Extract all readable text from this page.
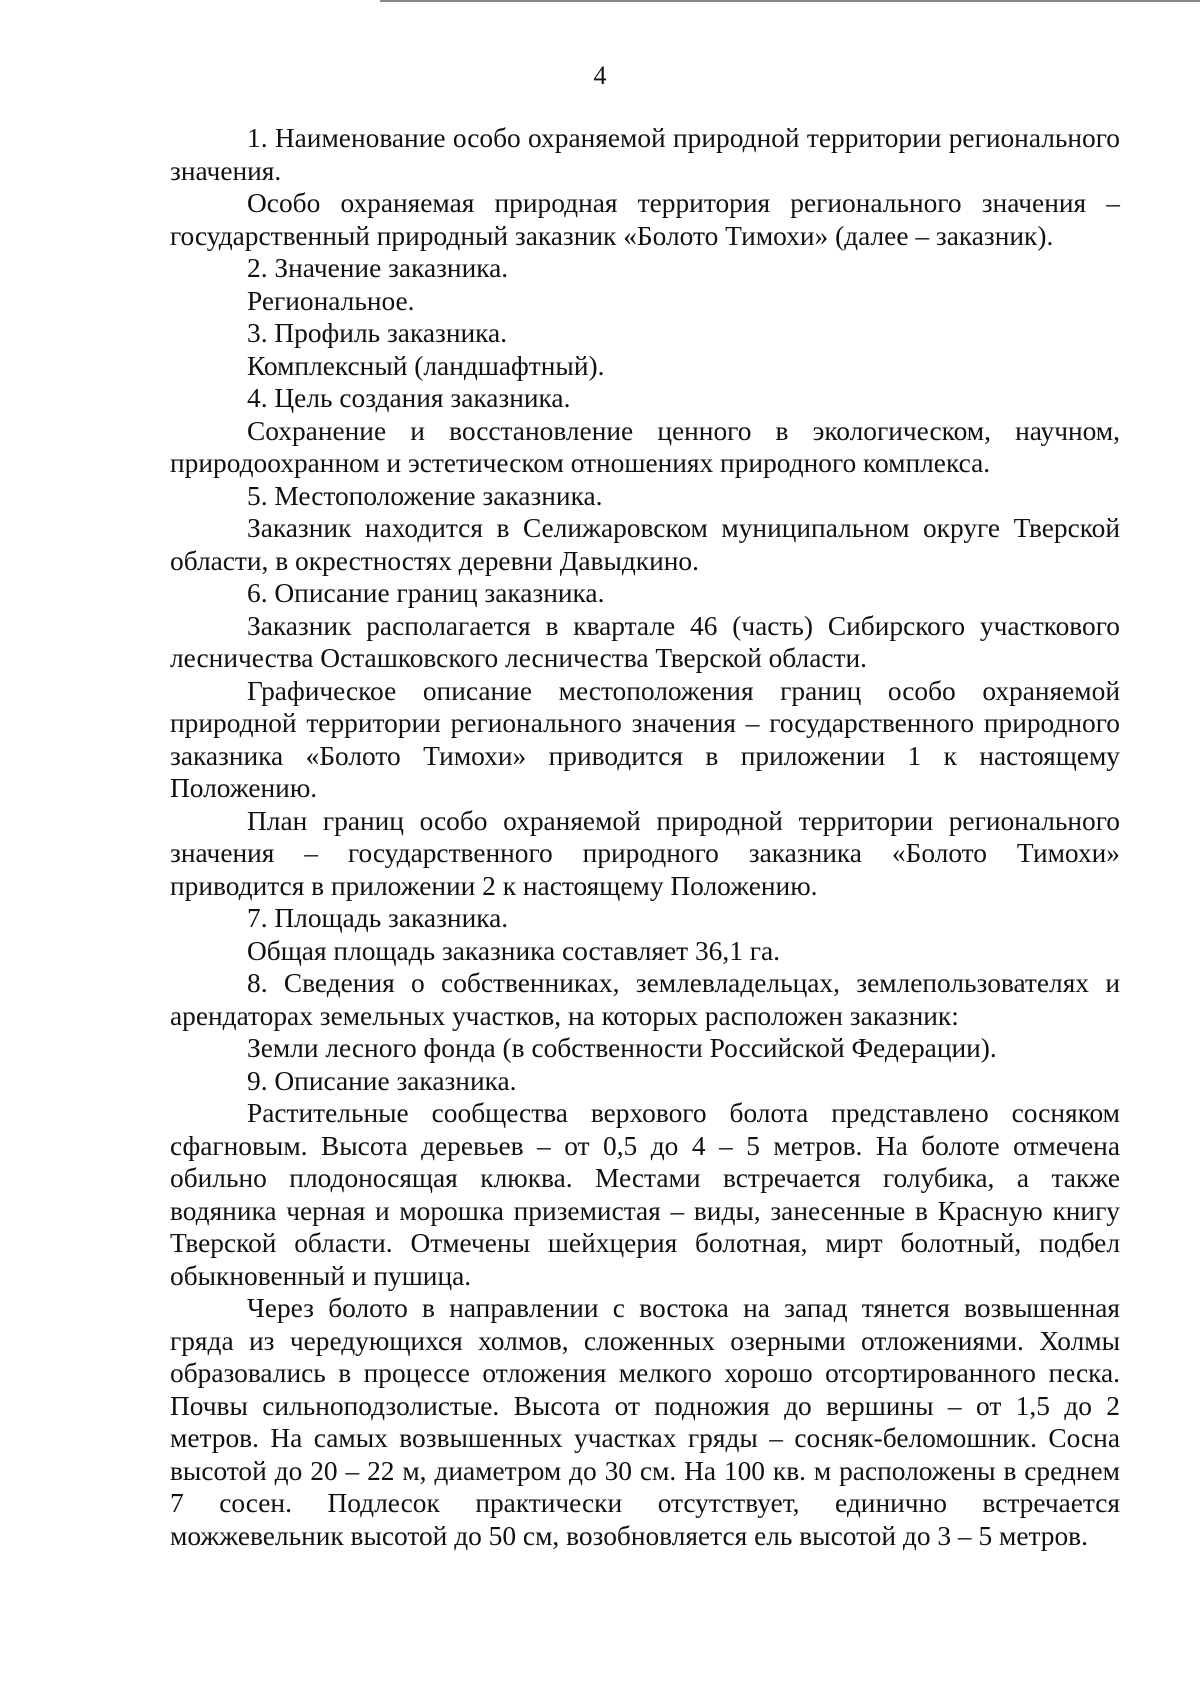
4

1. Наименование особо охраняемой природной территории регионального значения.

Особо охраняемая природная территория регионального значения – государственный природный заказник «Болото Тимохи» (далее – заказник).

2. Значение заказника.

Региональное.

3. Профиль заказника.

Комплексный (ландшафтный).

4. Цель создания заказника.

Сохранение и восстановление ценного в экологическом, научном, природоохранном и эстетическом отношениях природного комплекса.

5. Местоположение заказника.

Заказник находится в Селижаровском муниципальном округе Тверской области, в окрестностях деревни Давыдкино.

6. Описание границ заказника.

Заказник располагается в квартале 46 (часть) Сибирского участкового лесничества Осташковского лесничества Тверской области.

Графическое описание местоположения границ особо охраняемой природной территории регионального значения – государственного природного заказника «Болото Тимохи» приводится в приложении 1 к настоящему Положению.

План границ особо охраняемой природной территории регионального значения – государственного природного заказника «Болото Тимохи» приводится в приложении 2 к настоящему Положению.

7. Площадь заказника.

Общая площадь заказника составляет 36,1 га.

8. Сведения о собственниках, землевладельцах, землепользователях и арендаторах земельных участков, на которых расположен заказник:

Земли лесного фонда (в собственности Российской Федерации).

9. Описание заказника.

Растительные сообщества верхового болота представлено сосняком сфагновым. Высота деревьев – от 0,5 до 4 – 5 метров. На болоте отмечена обильно плодоносящая клюква. Местами встречается голубика, а также водяника черная и морошка приземистая – виды, занесенные в Красную книгу Тверской области. Отмечены шейхцерия болотная, мирт болотный, подбел обыкновенный и пушица.

Через болото в направлении с востока на запад тянется возвышенная гряда из чередующихся холмов, сложенных озерными отложениями. Холмы образовались в процессе отложения мелкого хорошо отсортированного песка. Почвы сильноподзолистые. Высота от подножия до вершины – от 1,5 до 2 метров. На самых возвышенных участках гряды – сосняк-беломошник. Сосна высотой до 20 – 22 м, диаметром до 30 см. На 100 кв. м расположены в среднем 7 сосен. Подлесок практически отсутствует, единично встречается можжевельник высотой до 50 см, возобновляется ель высотой до 3 – 5 метров.
